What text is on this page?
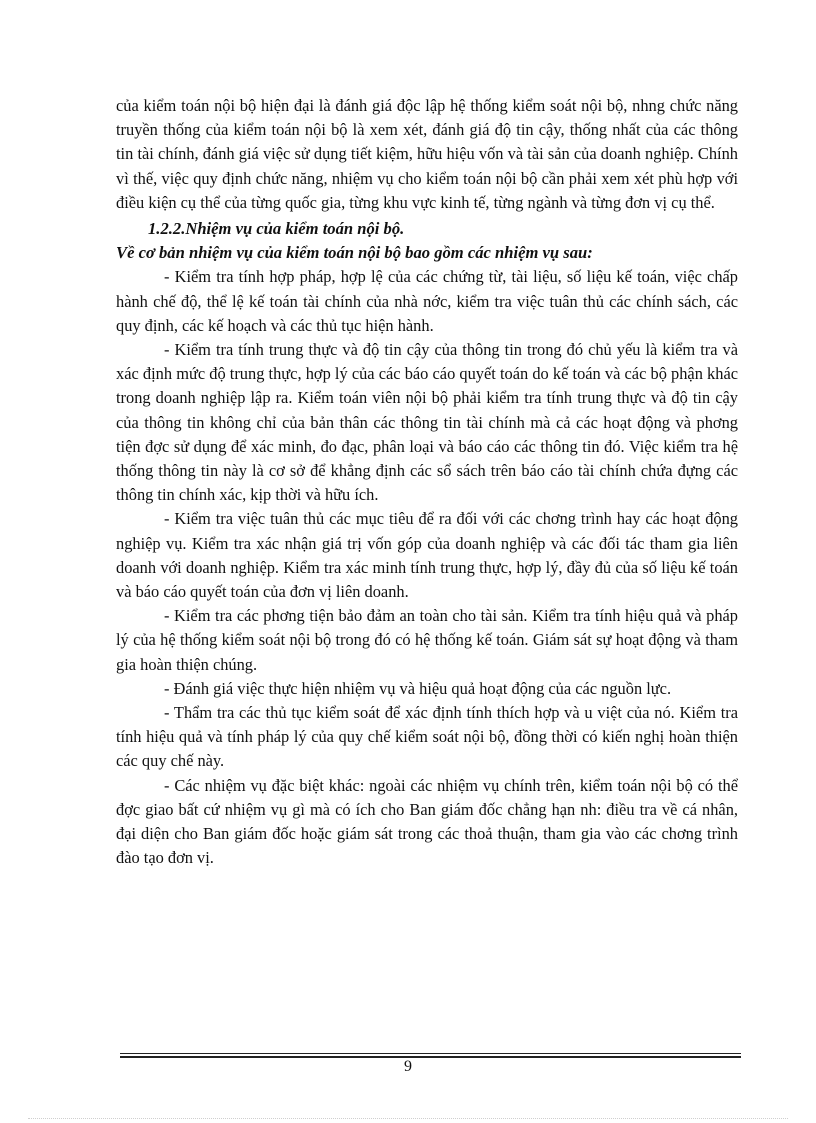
của kiểm toán nội bộ hiện đại là đánh giá độc lập hệ thống kiểm soát nội bộ, nhng chức năng truyền thống của kiểm toán nội bộ là xem xét, đánh giá độ tin cậy, thống nhất của các thông tin tài chính, đánh giá việc sử dụng tiết kiệm, hữu hiệu vốn và tài sản của doanh nghiệp. Chính vì thế, việc quy định chức năng, nhiệm vụ cho kiểm toán nội bộ cần phải xem xét phù hợp với điều kiện cụ thể của từng quốc gia, từng khu vực kinh tế, từng ngành và từng đơn vị cụ thể.

1.2.2.Nhiệm vụ của kiểm toán nội bộ.

Về cơ bản nhiệm vụ của kiểm toán nội bộ bao gồm các nhiệm vụ sau:

- Kiểm tra tính hợp pháp, hợp lệ của các chứng từ, tài liệu, số liệu kế toán, việc chấp hành chế độ, thể lệ kế toán tài chính của nhà nớc, kiểm tra việc tuân thủ các chính sách, các quy định, các kế hoạch và các thủ tục hiện hành.

- Kiểm tra tính trung thực và độ tin cậy của thông tin trong đó chủ yếu là kiểm tra và xác định mức độ trung thực, hợp lý của các báo cáo quyết toán do kế toán và các bộ phận khác trong doanh nghiệp lập ra. Kiểm toán viên nội bộ phải kiểm tra tính trung thực và độ tin cậy của thông tin không chỉ của bản thân các thông tin tài chính mà cả các hoạt động và phơng tiện đợc sử dụng để xác minh, đo đạc, phân loại và báo cáo các thông tin đó. Việc kiểm tra hệ thống thông tin này là cơ sở để khẳng định các sổ sách trên báo cáo tài chính chứa đựng các thông tin chính xác, kịp thời và hữu ích.

- Kiểm tra việc tuân thủ các mục tiêu để ra đối với các chơng trình hay các hoạt động nghiệp vụ. Kiểm tra xác nhận giá trị vốn góp của doanh nghiệp và các đối tác tham gia liên doanh với doanh nghiệp. Kiểm tra xác minh tính trung thực, hợp lý, đầy đủ của số liệu kế toán và báo cáo quyết toán của đơn vị liên doanh.

- Kiểm tra các phơng tiện bảo đảm an toàn cho tài sản. Kiểm tra tính hiệu quả và pháp lý của hệ thống kiểm soát nội bộ trong đó có hệ thống kế toán. Giám sát sự hoạt động và tham gia hoàn thiện chúng.

- Đánh giá việc thực hiện nhiệm vụ và hiệu quả hoạt động của các nguồn lực.

- Thẩm tra các thủ tục kiểm soát để xác định tính thích hợp và u việt của nó. Kiểm tra tính hiệu quả và tính pháp lý của quy chế kiểm soát nội bộ, đồng thời có kiến nghị hoàn thiện các quy chế này.

- Các nhiệm vụ đặc biệt khác: ngoài các nhiệm vụ chính trên, kiểm toán nội bộ có thể đợc giao bất cứ nhiệm vụ gì mà có ích cho Ban giám đốc chẳng hạn nh: điều tra về cá nhân, đại diện cho Ban giám đốc hoặc giám sát trong các thoả thuận, tham gia vào các chơng trình đào tạo đơn vị.

9
